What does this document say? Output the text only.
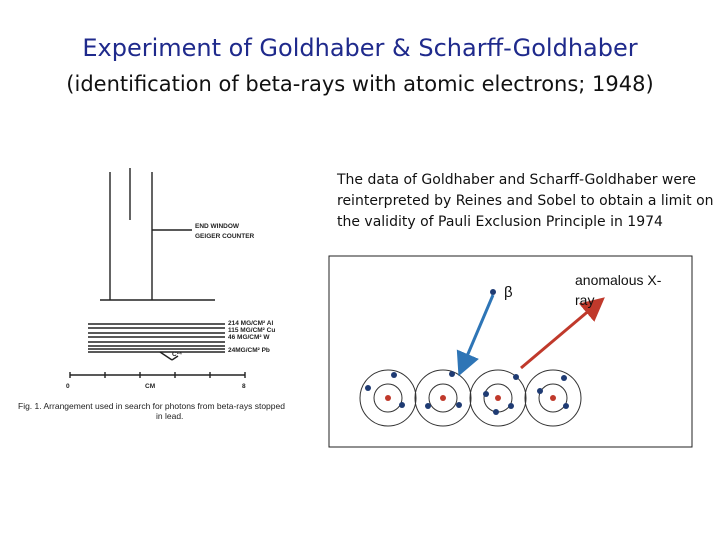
Experiment of Goldhaber & Scharff-Goldhaber
(identification of beta-rays with atomic electrons; 1948)
The data of Goldhaber and Scharff-Goldhaber were reinterpreted by Reines and Sobel to obtain a limit on the validity of Pauli Exclusion Principle in 1974
END WINDOW
GEIGER COUNTER
214 MG/CM² Al
115 MG/CM² Cu
46 MG/CM² W
24MG/CM² Pb
C¹⁴
0	CM	8
Fig. 1. Arrangement used in search for photons from beta-rays stopped
in lead.
β
anomalous X-
ray
